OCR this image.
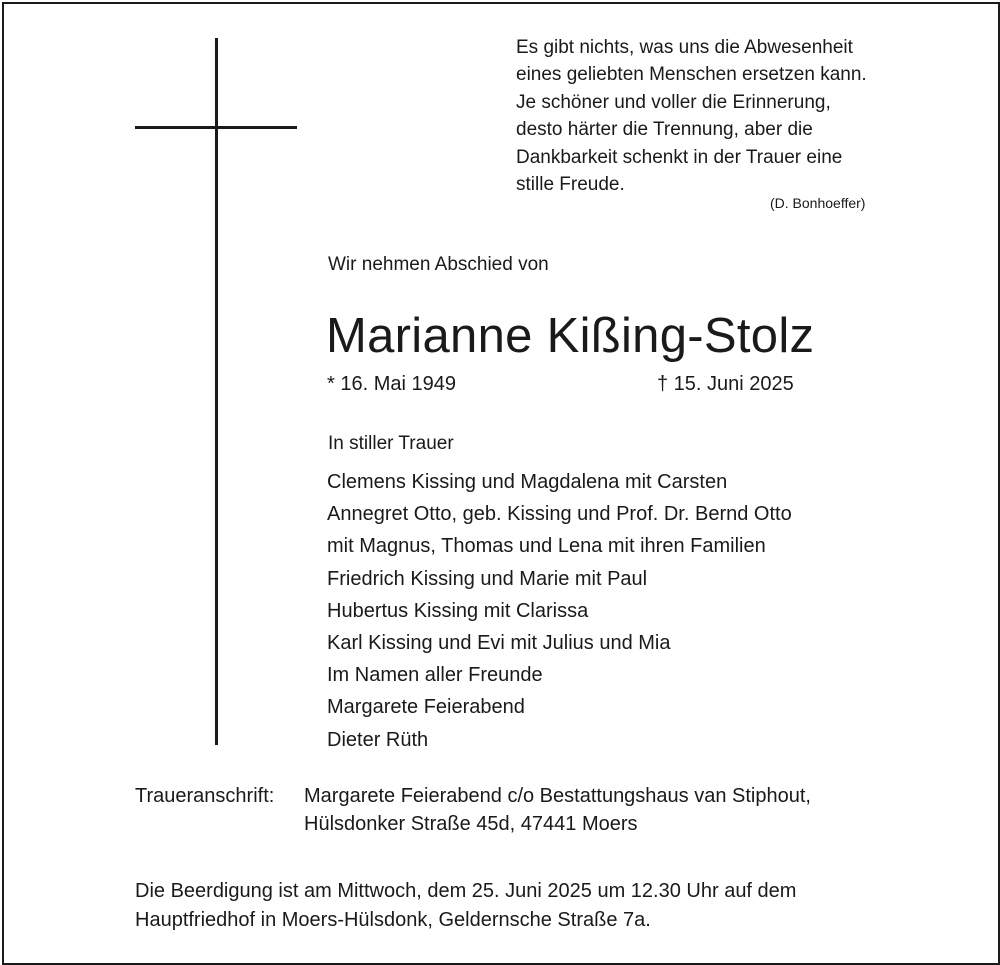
Es gibt nichts, was uns die Abwesenheit
eines geliebten Menschen ersetzen kann.
Je schöner und voller die Erinnerung,
desto härter die Trennung, aber die
Dankbarkeit schenkt in der Trauer eine
stille Freude.
(D. Bonhoeffer)
Wir nehmen Abschied von
Marianne Kißing-Stolz
* 16. Mai 1949	† 15. Juni 2025
In stiller Trauer
Clemens Kissing und Magdalena mit Carsten
Annegret Otto, geb. Kissing und Prof. Dr. Bernd Otto
mit Magnus, Thomas und Lena mit ihren Familien
Friedrich Kissing und Marie mit Paul
Hubertus Kissing mit Clarissa
Karl Kissing und Evi mit Julius und Mia
Im Namen aller Freunde
Margarete Feierabend
Dieter Rüth
Traueranschrift: Margarete Feierabend c/o Bestattungshaus van Stiphout,
Hülsdonker Straße 45d, 47441 Moers
Die Beerdigung ist am Mittwoch, dem 25. Juni 2025 um 12.30 Uhr auf dem
Hauptfriedhof in Moers-Hülsdonk, Geldernsche Straße 7a.
